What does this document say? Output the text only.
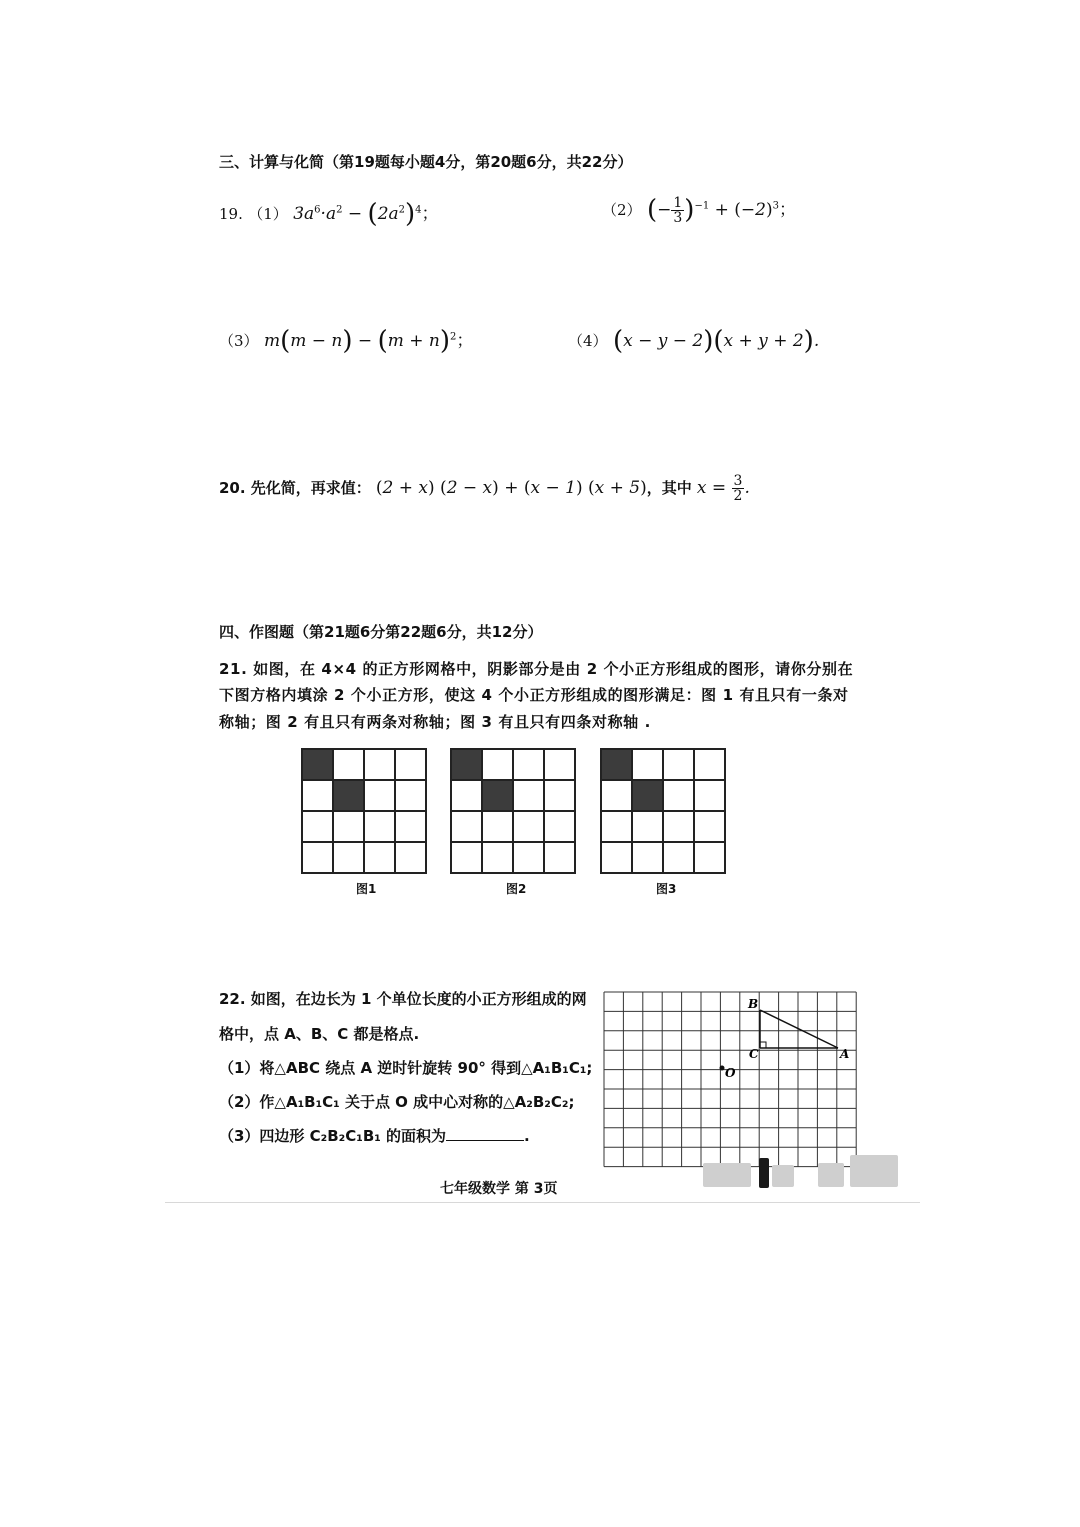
三、计算与化简（第19题每小题4分，第20题6分，共22分）
19. （1） $3a^6\cdot a^2 - (2a^2)^4$；	（2） (− $\frac{1}{3} )^{-1} + (-2)^3$；
（3） $m(m - n) - (m + n)^2$；	（4） (x − y − 2)(x + y + 2).
20. 先化简，再求值： (2 + x) (2 − x) + (x − 1) (x + 5)，其中 $x = \frac{3}{2}$ .
四、作图题（第21题6分第22题6分，共12分）
21. 如图，在 4×4 的正方形网格中，阴影部分是由 2 个小正方形组成的图形，请你分别在
下图方格内填涂 2 个小正方形，使这 4 个小正方形组成的图形满足：图 1 有且只有一条对
称轴；图 2 有且只有两条对称轴；图 3 有且只有四条对称轴 .
图1	图2	图3
22. 如图，在边长为 1 个单位长度的小正方形组成的网
格中，点 A、B、C 都是格点.
（1）将△ABC 绕点 A 逆时针旋转 90° 得到△A₁B₁C₁;
（2）作△A₁B₁C₁ 关于点 O 成中心对称的△A₂B₂C₂;
（3）四边形 C₂B₂C₁B₁ 的面积为	.
B
C	A
O
七年级数学 第 3页
